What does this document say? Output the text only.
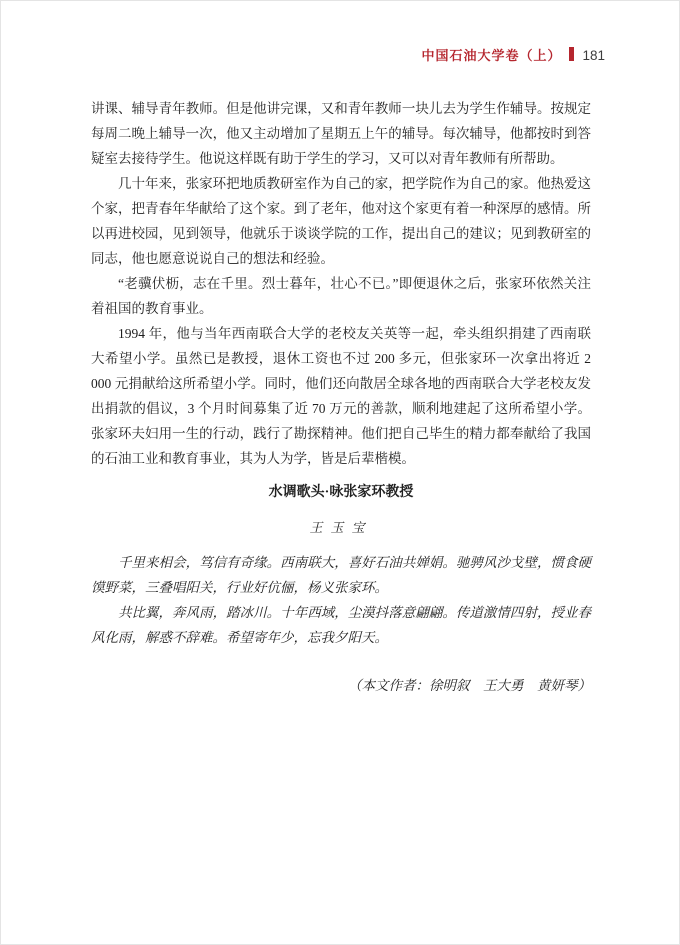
中国石油大学卷（上） 181

讲课、辅导青年教师。但是他讲完课，又和青年教师一块儿去为学生作辅导。按规定每周二晚上辅导一次，他又主动增加了星期五上午的辅导。每次辅导，他都按时到答疑室去接待学生。他说这样既有助于学生的学习，又可以对青年教师有所帮助。

几十年来，张家环把地质教研室作为自己的家，把学院作为自己的家。他热爱这个家，把青春年华献给了这个家。到了老年，他对这个家更有着一种深厚的感情。所以再进校园，见到领导，他就乐于谈谈学院的工作，提出自己的建议；见到教研室的同志，他也愿意说说自己的想法和经验。

“老骥伏枥，志在千里。烈士暮年，壮心不已。”即便退休之后，张家环依然关注着祖国的教育事业。

1994 年，他与当年西南联合大学的老校友关英等一起，牵头组织捐建了西南联大希望小学。虽然已是教授，退休工资也不过 200 多元，但张家环一次拿出将近 2 000 元捐献给这所希望小学。同时，他们还向散居全球各地的西南联合大学老校友发出捐款的倡议，3 个月时间募集了近 70 万元的善款，顺利地建起了这所希望小学。张家环夫妇用一生的行动，践行了勘探精神。他们把自己毕生的精力都奉献给了我国的石油工业和教育事业，其为人为学，皆是后辈楷模。

水调歌头·咏张家环教授
王玉宝

千里来相会，笃信有奇缘。西南联大，喜好石油共婵娟。驰骋风沙戈壁，惯食硬馍野菜，三叠唱阳关，行业好伉俪，杨义张家环。

共比翼，奔风雨，踏冰川。十年西域，尘漠抖落意翩翩。传道激情四射，授业春风化雨，解惑不辞难。希望寄年少，忘我夕阳天。

（本文作者：徐明叙　王大勇　黄妍琴）
